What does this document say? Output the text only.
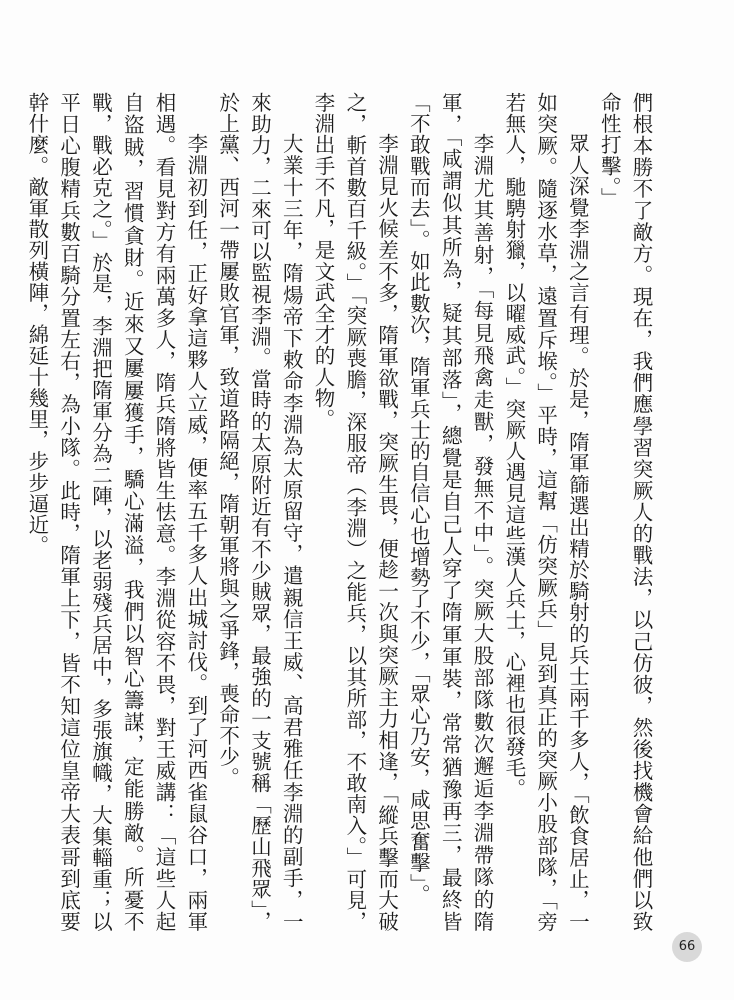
們根本勝不了敵方。現在，我們應學習突厥人的戰法，以己仿彼，然後找機會給他們以致命性打擊。」

眾人深覺李淵之言有理。於是，隋軍篩選出精於騎射的兵士兩千多人，「飲食居止，一如突厥。隨逐水草，遠置斥堠。」平時，這幫「仿突厥兵」見到真正的突厥小股部隊，「旁若無人，馳騁射獵，以曜威武。」突厥人遇見這些漢人兵士，心裡也很發毛。

李淵尤其善射，「每見飛禽走獸，發無不中」。突厥大股部隊數次邂逅李淵帶隊的隋軍，「咸謂似其所為，疑其部落」，總覺是自己人穿了隋軍軍裝，常常猶豫再三，最終皆「不敢戰而去」。如此數次，隋軍兵士的自信心也增勢了不少，「眾心乃安，咸思奮擊」。

李淵見火候差不多，隋軍欲戰，突厥生畏，便趁一次與突厥主力相逢，「縱兵擊而大破之，斬首數百千級。」「突厥喪膽，深服帝（李淵）之能兵，以其所部，不敢南入。」可見，李淵出手不凡，是文武全才的人物。

大業十三年，隋煬帝下敕命李淵為太原留守，遣親信王威、高君雅任李淵的副手，一來助力，二來可以監視李淵。當時的太原附近有不少賊眾，最強的一支號稱「歷山飛眾」，於上黨、西河一帶屢敗官軍，致道路隔絕，隋朝軍將與之爭鋒，喪命不少。

李淵初到任，正好拿這夥人立威，便率五千多人出城討伐。到了河西雀鼠谷口，兩軍相遇。看見對方有兩萬多人，隋兵隋將皆生怯意。李淵從容不畏，對王威講：「這些人起自盜賊，習慣貪財。近來又屢屢獲手，驕心滿溢，我們以智心籌謀，定能勝敵。所憂不戰，戰必克之。」於是，李淵把隋軍分為二陣，以老弱殘兵居中，多張旗幟，大集輜重；以平日心腹精兵數百騎分置左右，為小隊。此時，隋軍上下，皆不知這位皇帝大表哥到底要幹什麼。敵軍散列橫陣，綿延十幾里，步步逼近。

66
